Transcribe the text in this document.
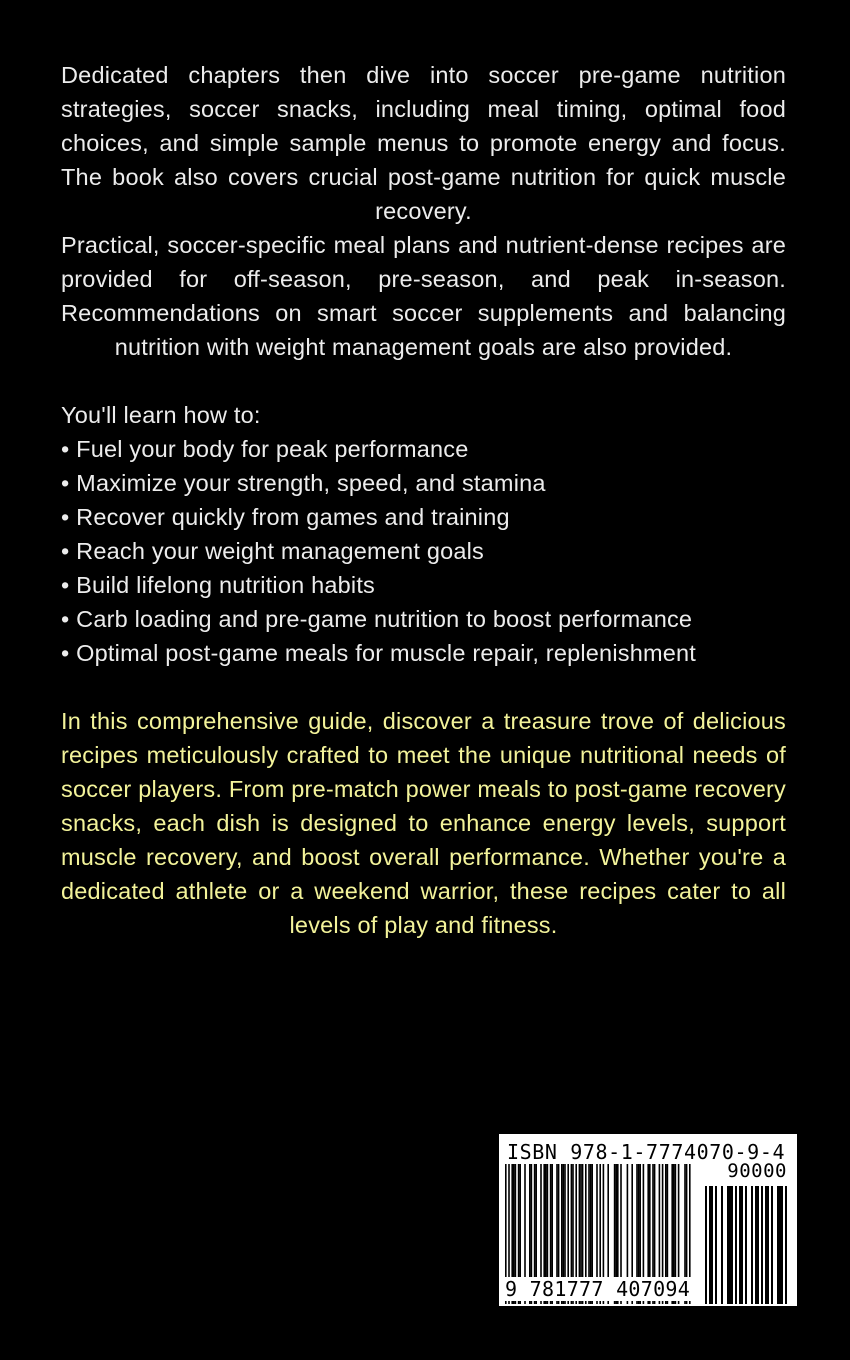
Dedicated chapters then dive into soccer pre-game nutrition strategies, soccer snacks, including meal timing, optimal food choices, and simple sample menus to promote energy and focus. The book also covers crucial post-game nutrition for quick muscle recovery.

Practical, soccer-specific meal plans and nutrient-dense recipes are provided for off-season, pre-season, and peak in-season. Recommendations on smart soccer supplements and balancing nutrition with weight management goals are also provided.

You'll learn how to:

• Fuel your body for peak performance
• Maximize your strength, speed, and stamina
• Recover quickly from games and training
• Reach your weight management goals
• Build lifelong nutrition habits
• Carb loading and pre-game nutrition to boost performance
• Optimal post-game meals for muscle repair, replenishment

In this comprehensive guide, discover a treasure trove of delicious recipes meticulously crafted to meet the unique nutritional needs of soccer players. From pre-match power meals to post-game recovery snacks, each dish is designed to enhance energy levels, support muscle recovery, and boost overall performance. Whether you're a dedicated athlete or a weekend warrior, these recipes cater to all levels of play and fitness.

ISBN 978-1-7774070-9-4
90000
9 781777 407094
